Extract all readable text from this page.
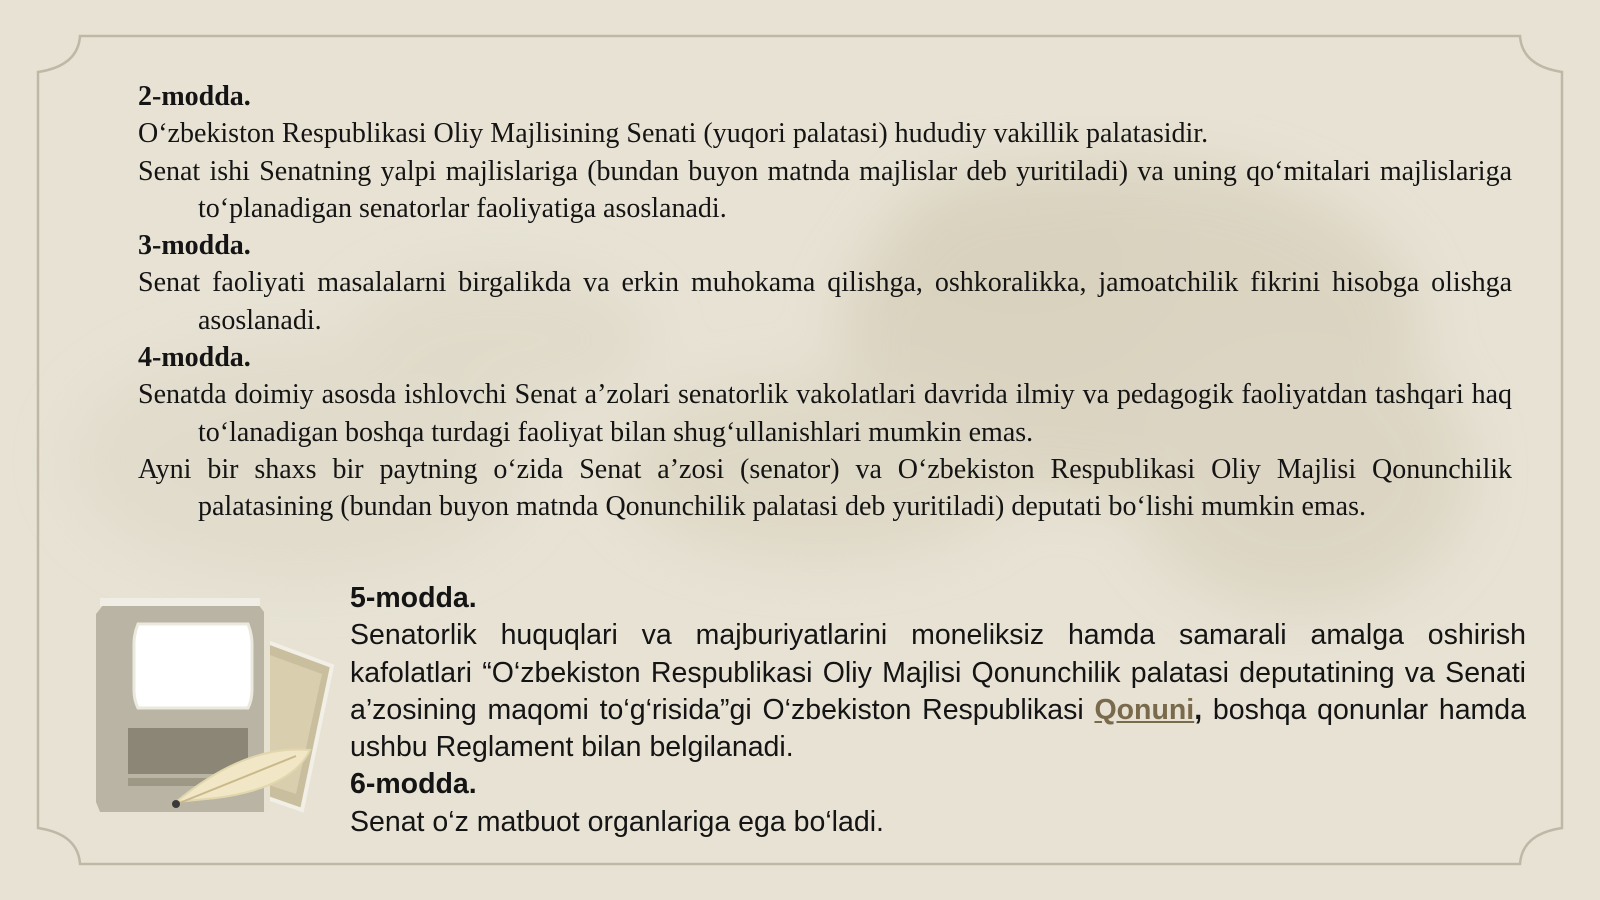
2-modda.
O‘zbekiston Respublikasi Oliy Majlisining Senati (yuqori palatasi) hududiy vakillik palatasidir.
Senat ishi Senatning yalpi majlislariga (bundan buyon matnda majlislar deb yuritiladi) va uning qo‘mitalari majlislariga to‘planadigan senatorlar faoliyatiga asoslanadi.
3-modda.
Senat faoliyati masalalarni birgalikda va erkin muhokama qilishga, oshkoralikka, jamoatchilik fikrini hisobga olishga asoslanadi.
4-modda.
Senatda doimiy asosda ishlovchi Senat a’zolari senatorlik vakolatlari davrida ilmiy va pedagogik faoliyatdan tashqari haq to‘lanadigan boshqa turdagi faoliyat bilan shug‘ullanishlari mumkin emas.
Ayni bir shaxs bir paytning o‘zida Senat a’zosi (senator) va O‘zbekiston Respublikasi Oliy Majlisi Qonunchilik palatasining (bundan buyon matnda Qonunchilik palatasi deb yuritiladi) deputati bo‘lishi mumkin emas.
5-modda.
Senatorlik huquqlari va majburiyatlarini moneliksiz hamda samarali amalga oshirish kafolatlari “O‘zbekiston Respublikasi Oliy Majlisi Qonunchilik palatasi deputatining va Senati a’zosining maqomi to‘g‘risida”gi O‘zbekiston Respublikasi Qonuni, boshqa qonunlar hamda ushbu Reglament bilan belgilanadi.
6-modda.
Senat o‘z matbuot organlariga ega bo‘ladi.
